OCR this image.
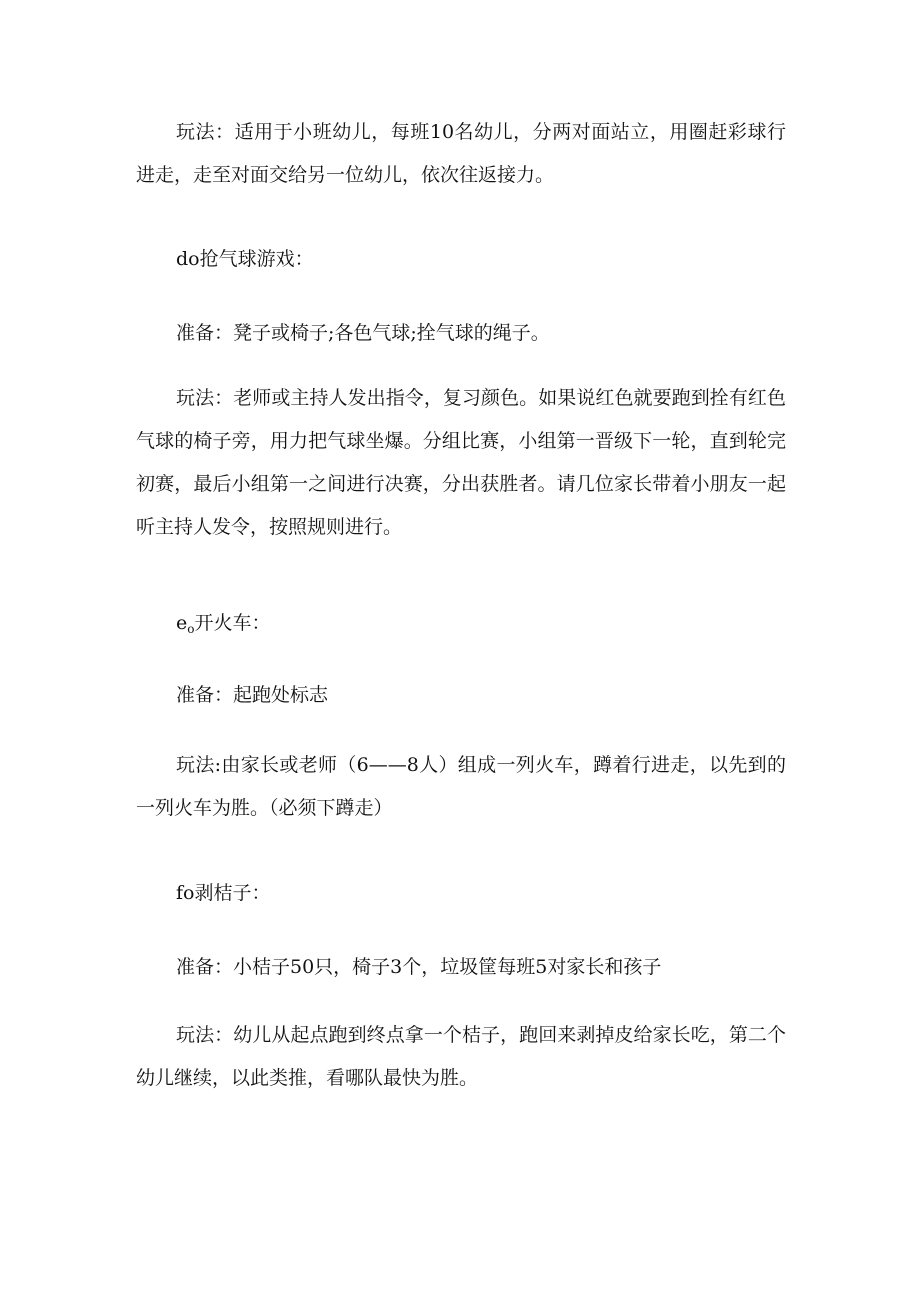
玩法：适用于小班幼儿，每班10名幼儿，分两对面站立，用圈赶彩球行进走，走至对面交给另一位幼儿，依次往返接力。

do抢气球游戏：

准备：凳子或椅子;各色气球;拴气球的绳子。

玩法：老师或主持人发出指令，复习颜色。如果说红色就要跑到拴有红色气球的椅子旁，用力把气球坐爆。分组比赛，小组第一晋级下一轮，直到轮完初赛，最后小组第一之间进行决赛，分出获胜者。请几位家长带着小朋友一起听主持人发令，按照规则进行。

$e_o$开火车：

准备：起跑处标志

玩法:由家长或老师（6——8人）组成一列火车，蹲着行进走，以先到的一列火车为胜。（必须下蹲走）

fo剥桔子：

准备：小桔子50只，椅子3个，垃圾筐每班5对家长和孩子

玩法：幼儿从起点跑到终点拿一个桔子，跑回来剥掉皮给家长吃，第二个幼儿继续，以此类推，看哪队最快为胜。
